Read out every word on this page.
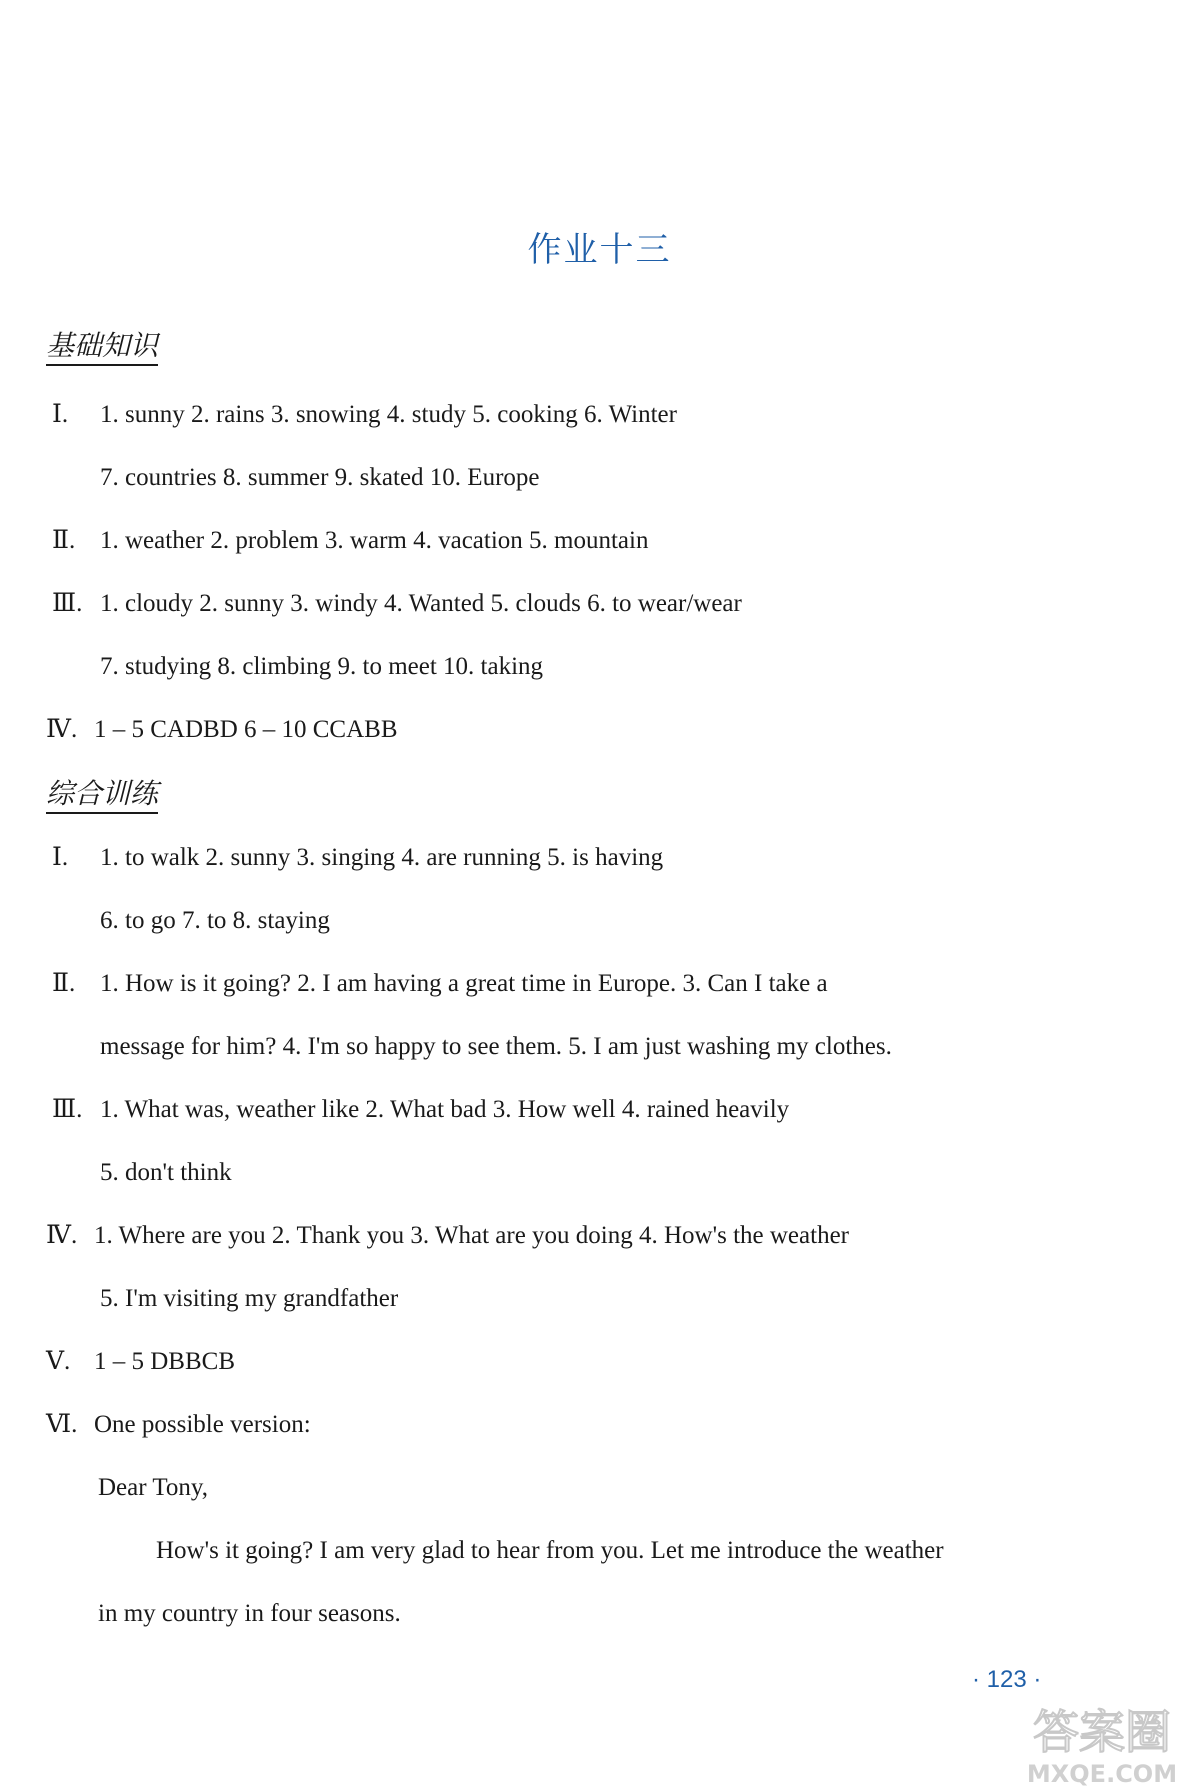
作业十三
基础知识
综合训练
Ⅰ. 1. sunny 2. rains 3. snowing 4. study 5. cooking 6. Winter
7. countries 8. summer 9. skated 10. Europe
Ⅱ. 1. weather 2. problem 3. warm 4. vacation 5. mountain
Ⅲ. 1. cloudy 2. sunny 3. windy 4. Wanted 5. clouds 6. to wear/wear
7. studying 8. climbing 9. to meet 10. taking
Ⅳ. 1 – 5 CADBD 6 – 10 CCABB
Ⅰ. 1. to walk 2. sunny 3. singing 4. are running 5. is having
6. to go 7. to 8. staying
Ⅱ. 1. How is it going? 2. I am having a great time in Europe. 3. Can I take a
message for him? 4. I'm so happy to see them. 5. I am just washing my clothes.
Ⅲ. 1. What was, weather like 2. What bad 3. How well 4. rained heavily
5. don't think
Ⅳ. 1. Where are you 2. Thank you 3. What are you doing 4. How's the weather
5. I'm visiting my grandfather
Ⅴ. 1 – 5 DBBCB
Ⅵ. One possible version:
Dear Tony,
How's it going? I am very glad to hear from you. Let me introduce the weather
in my country in four seasons.
· 123 ·
答案圈
MXQE.COM
